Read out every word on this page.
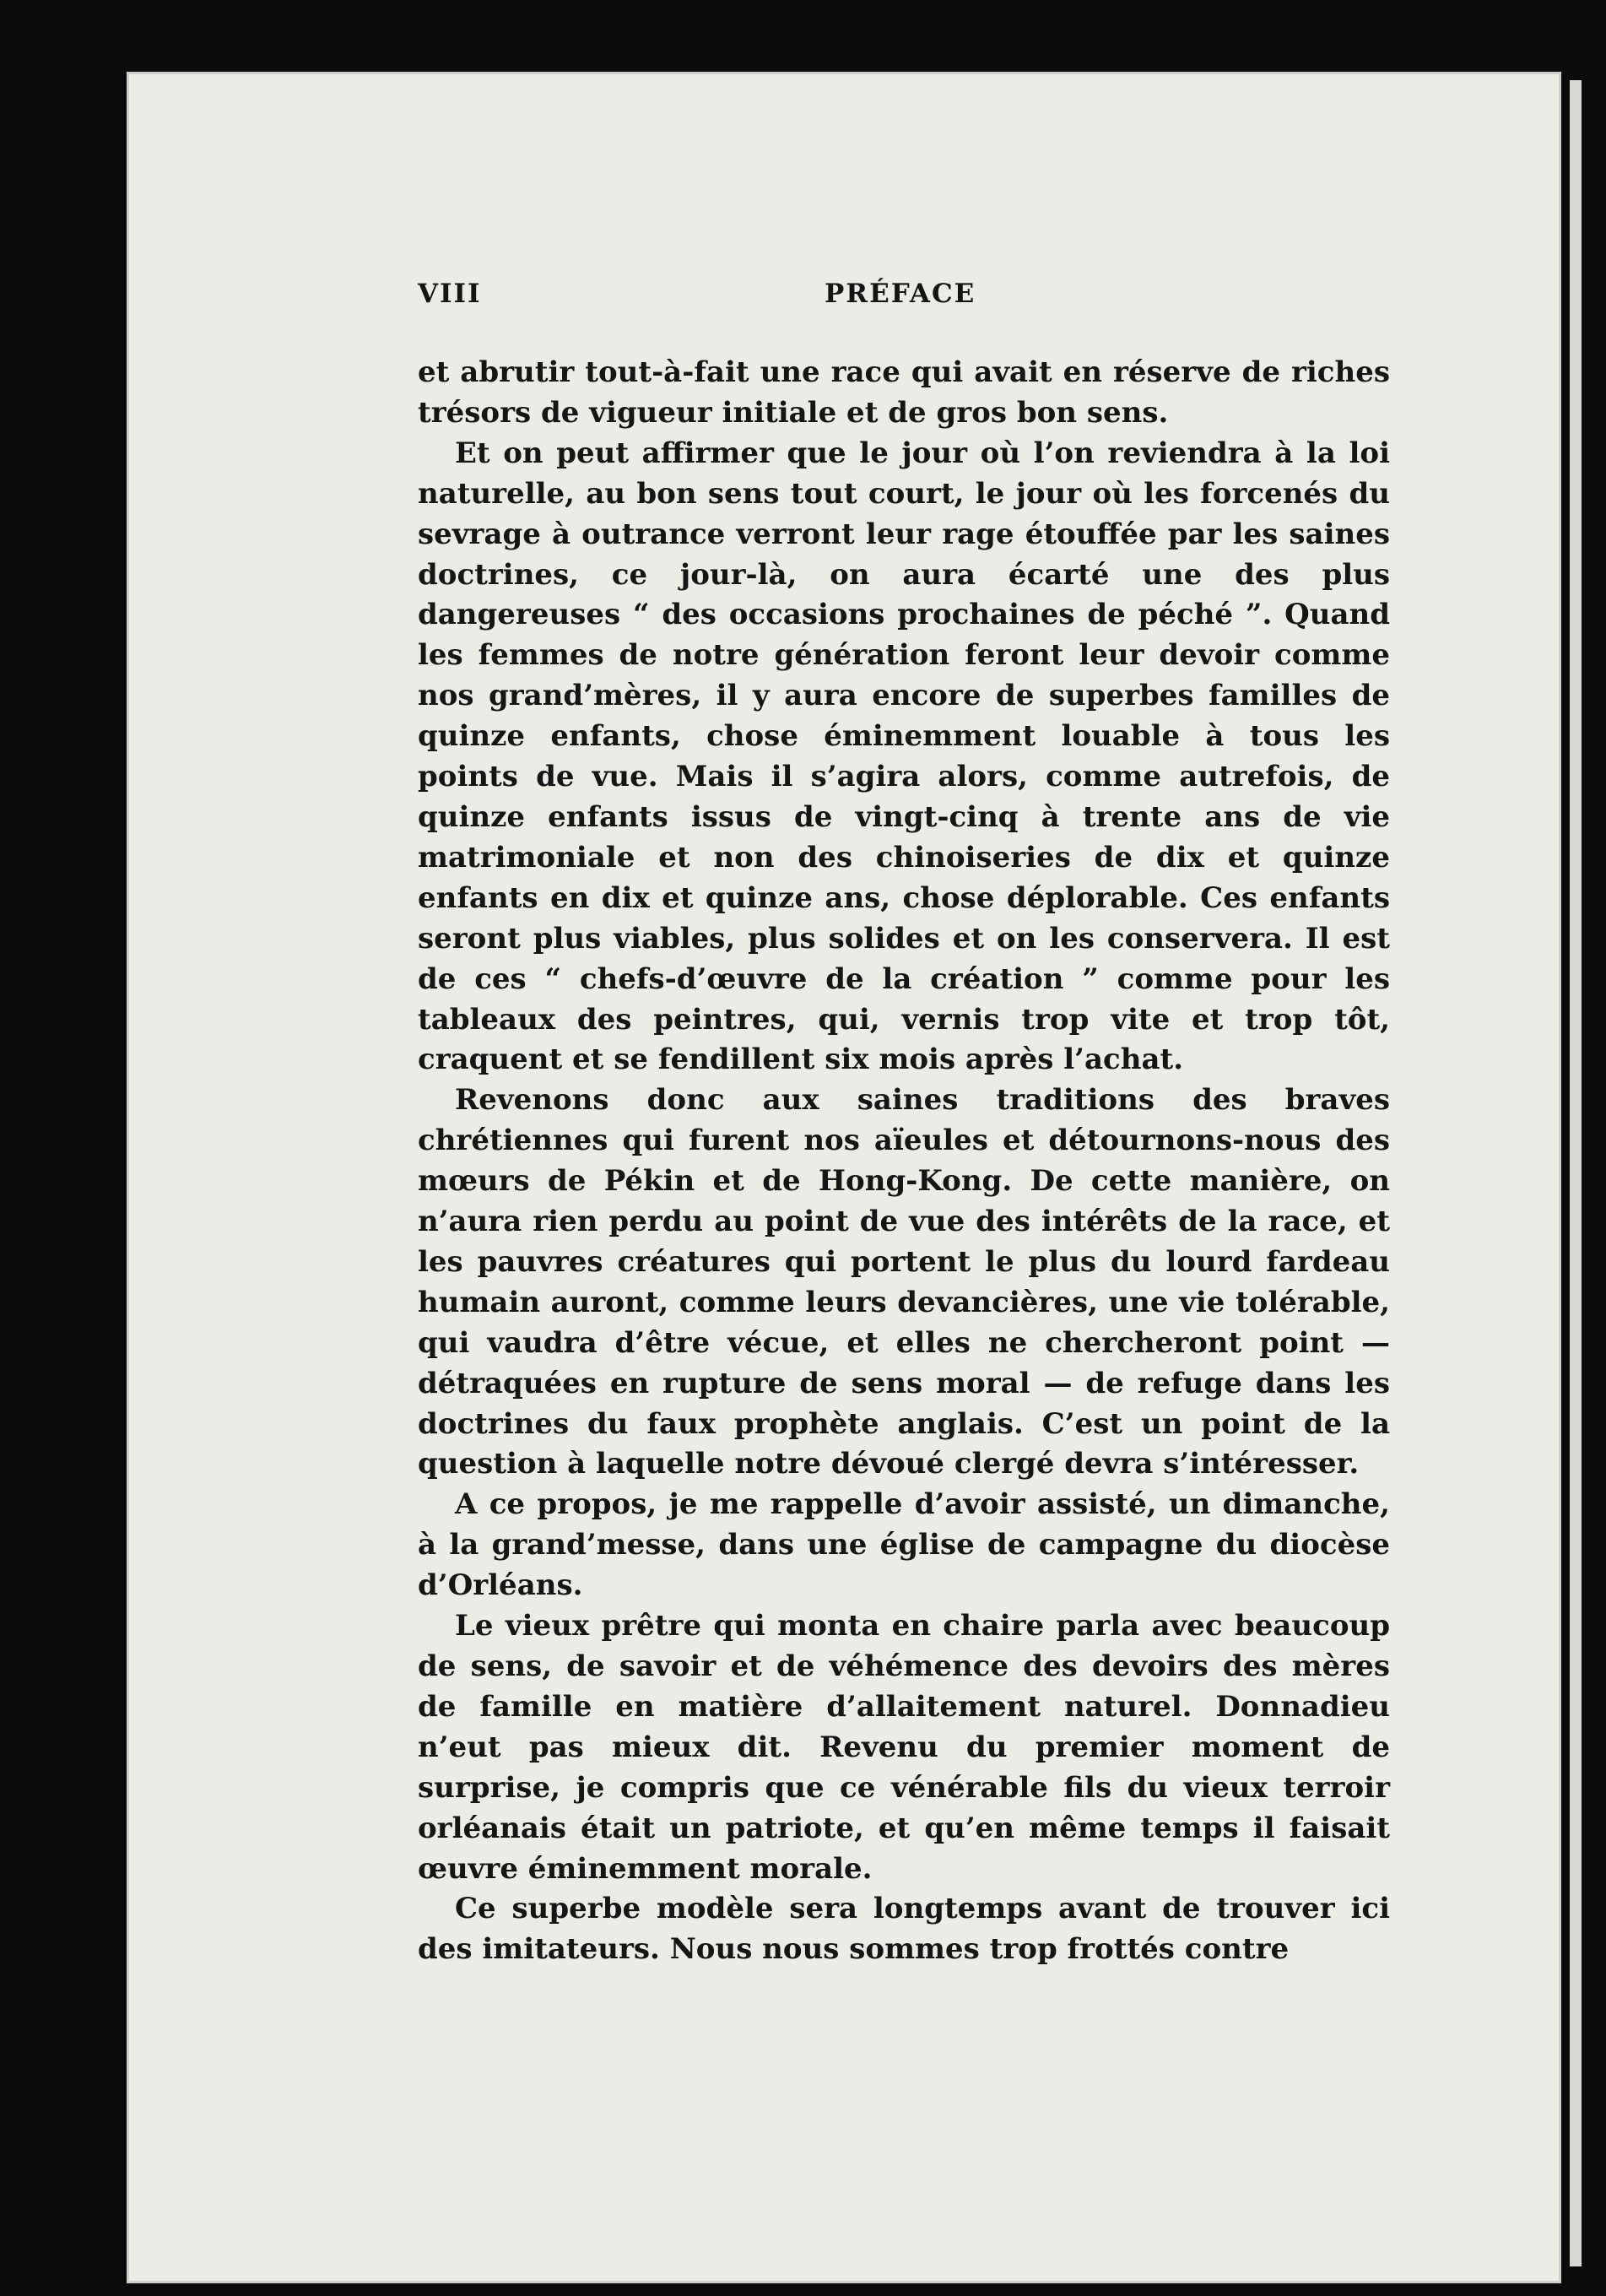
VIII	PRÉFACE

et abrutir tout-à-fait une race qui avait en réserve de riches trésors de vigueur initiale et de gros bon sens.

Et on peut affirmer que le jour où l’on reviendra à la loi naturelle, au bon sens tout court, le jour où les forcenés du sevrage à outrance verront leur rage étouffée par les saines doctrines, ce jour-là, on aura écarté une des plus dangereuses “ des occasions prochaines de péché ”. Quand les femmes de notre génération feront leur devoir comme nos grand’mères, il y aura encore de superbes familles de quinze enfants, chose éminemment louable à tous les points de vue. Mais il s’agira alors, comme autrefois, de quinze enfants issus de vingt-cinq à trente ans de vie matrimoniale et non des chinoiseries de dix et quinze enfants en dix et quinze ans, chose déplorable. Ces enfants seront plus viables, plus solides et on les conservera. Il est de ces “ chefs-d’œuvre de la création ” comme pour les tableaux des peintres, qui, vernis trop vite et trop tôt, craquent et se fendillent six mois après l’achat.

Revenons donc aux saines traditions des braves chrétiennes qui furent nos aïeules et détournons-nous des mœurs de Pékin et de Hong-Kong. De cette manière, on n’aura rien perdu au point de vue des intérêts de la race, et les pauvres créatures qui portent le plus du lourd fardeau humain auront, comme leurs devancières, une vie tolérable, qui vaudra d’être vécue, et elles ne chercheront point — détraquées en rupture de sens moral — de refuge dans les doctrines du faux prophète anglais. C’est un point de la question à laquelle notre dévoué clergé devra s’intéresser.

A ce propos, je me rappelle d’avoir assisté, un dimanche, à la grand’messe, dans une église de campagne du diocèse d’Orléans.

Le vieux prêtre qui monta en chaire parla avec beaucoup de sens, de savoir et de véhémence des devoirs des mères de famille en matière d’allaitement naturel. Donnadieu n’eut pas mieux dit. Revenu du premier moment de surprise, je compris que ce vénérable fils du vieux terroir orléanais était un patriote, et qu’en même temps il faisait œuvre éminemment morale.

Ce superbe modèle sera longtemps avant de trouver ici des imitateurs. Nous nous sommes trop frottés contre
